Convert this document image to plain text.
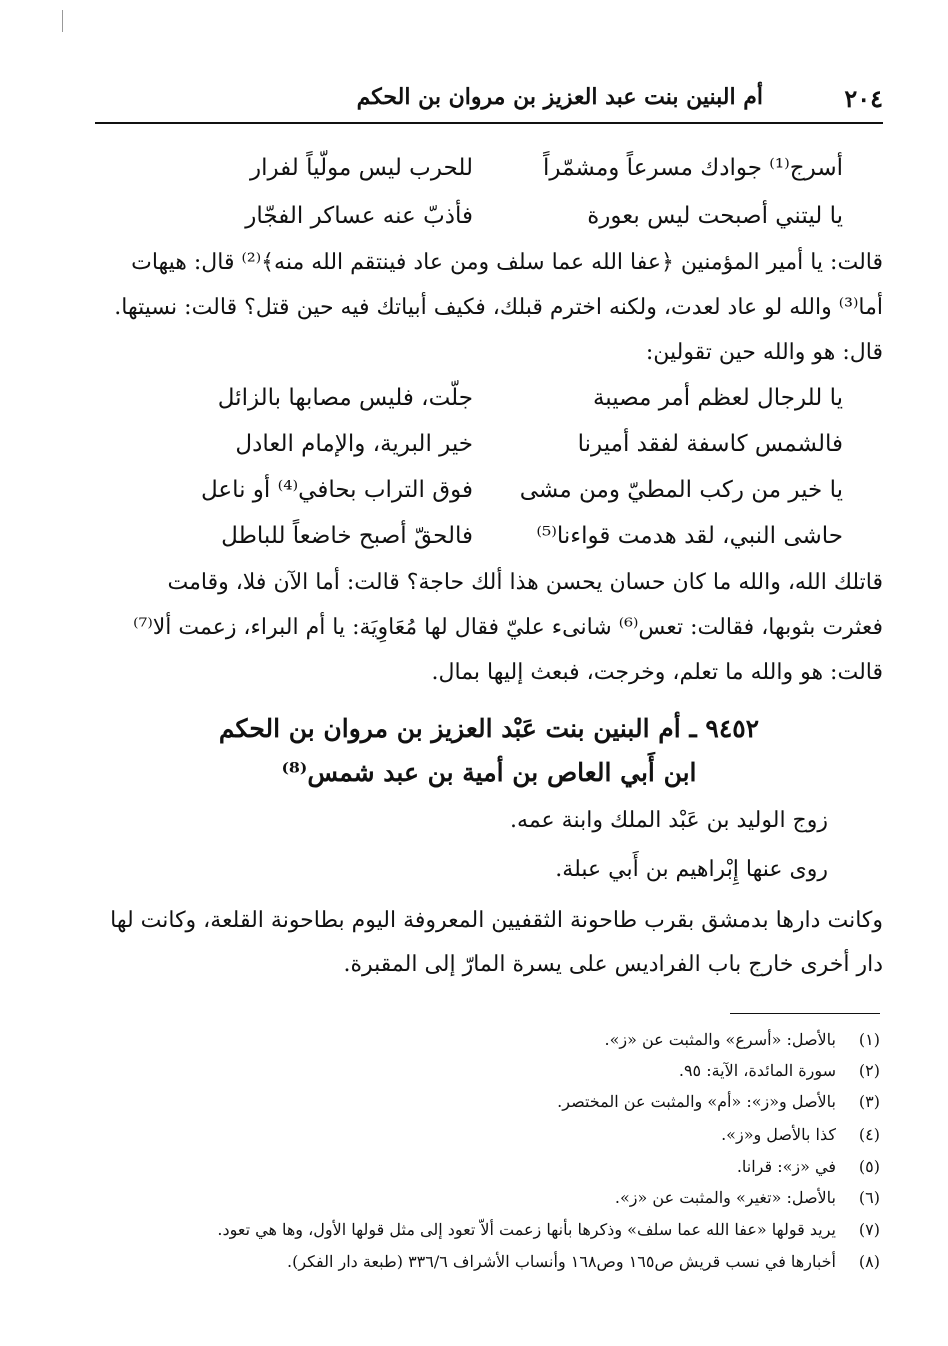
٢٠٤
أم البنين بنت عبد العزيز بن مروان بن الحكم
أسرج⁽¹⁾ جوادك مسرعاً ومشمّراً
للحرب ليس مولّياً لفرار
يا ليتني أصبحت ليس بعورة
فأذبّ عنه عساكر الفجّار
قالت: يا أمير المؤمنين ﴿عفا الله عما سلف ومن عاد فينتقم الله منه﴾⁽²⁾ قال: هيهات
أما⁽³⁾ والله لو عاد لعدت، ولكنه اخترم قبلك، فكيف أبياتك فيه حين قتل؟ قالت: نسيتها.
قال: هو والله حين تقولين:
يا للرجال لعظم أمر مصيبة
جلّت، فليس مصابها بالزائل
فالشمس كاسفة لفقد أميرنا
خير البرية، والإمام العادل
يا خير من ركب المطيّ ومن مشى
فوق التراب بحافي⁽⁴⁾ أو ناعل
حاشى النبي، لقد هدمت قواءنا⁽⁵⁾
فالحقّ أصبح خاضعاً للباطل
قاتلك الله، والله ما كان حسان يحسن هذا ألك حاجة؟ قالت: أما الآن فلا، وقامت
فعثرت بثوبها، فقالت: تعس⁽⁶⁾ شانىء عليّ فقال لها مُعَاوِيَة: يا أم البراء، زعمت ألا⁽⁷⁾
قالت: هو والله ما تعلم، وخرجت، فبعث إليها بمال.
٩٤٥٢ ـ أم البنين بنت عَبْد العزيز بن مروان بن الحكم
ابن أَبي العاص بن أمية بن عبد شمس⁽⁸⁾
زوج الوليد بن عَبْد الملك وابنة عمه.
روى عنها إِبْراهيم بن أَبي عبلة.
وكانت دارها بدمشق بقرب طاحونة الثقفيين المعروفة اليوم بطاحونة القلعة، وكانت لها
دار أخرى خارج باب الفراديس على يسرة المارّ إلى المقبرة.
(١)بالأصل: «أسرع» والمثبت عن «ز».
(٢)سورة المائدة، الآية: ٩٥.
(٣)بالأصل و«ز»: «أم» والمثبت عن المختصر.
(٤)كذا بالأصل و«ز».
(٥)في «ز»: قرانا.
(٦)بالأصل: «تغير» والمثبت عن «ز».
(٧)يريد قولها «عفا الله عما سلف» وذكرها بأنها زعمت ألاّ تعود إلى مثل قولها الأول، وها هي تعود.
(٨)أخبارها في نسب قريش ص١٦٥ وص١٦٨ وأنساب الأشراف ٣٣٦/٦ (طبعة دار الفكر).
